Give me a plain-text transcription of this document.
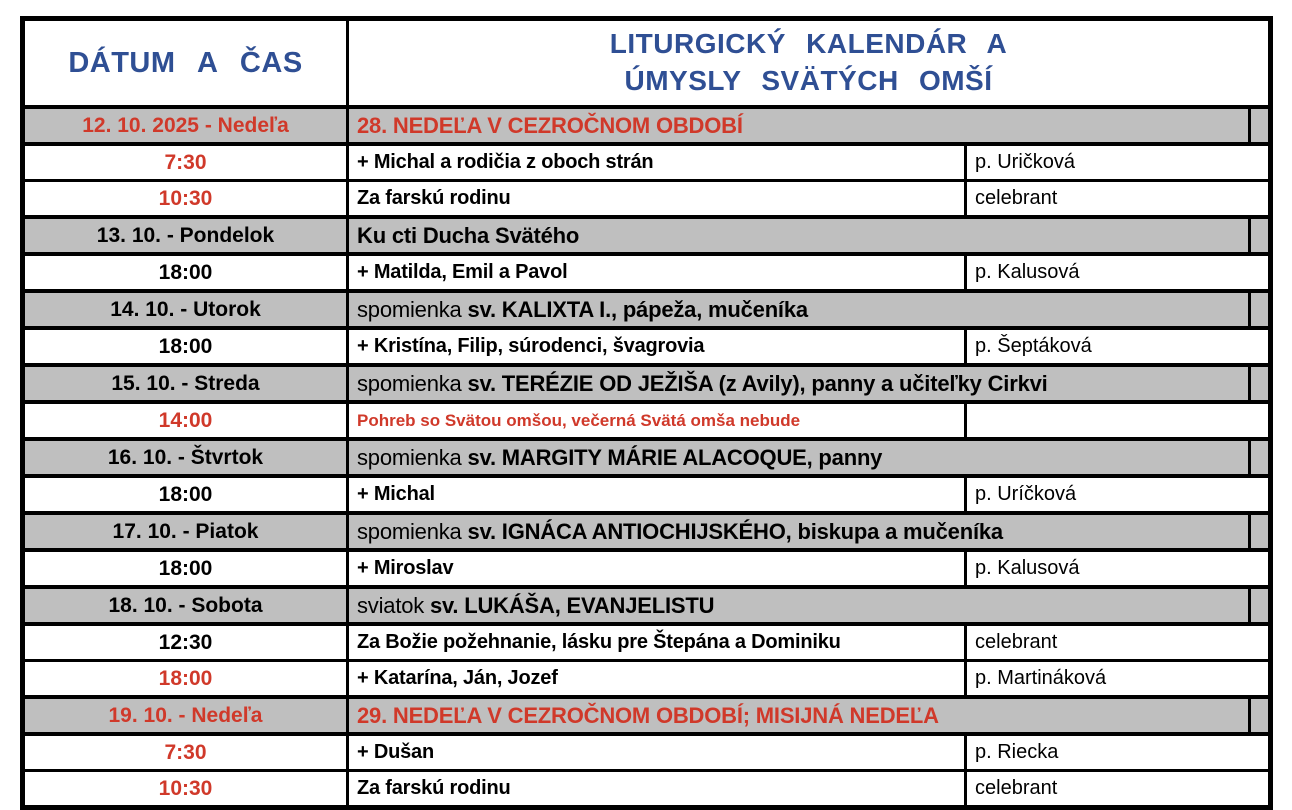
DÁTUM A ČAS	LITURGICKÝ KALENDÁR A
ÚMYSLY SVÄTÝCH OMŠÍ		

12. 10. 2025 - Nedeľa	28. NEDEĽA V CEZROČNOM OBDOBÍ		
7:30	+ Michal a rodičia z oboch strán	p. Uričková	
10:30	Za farskú rodinu	celebrant	
13. 10. - Pondelok	Ku cti Ducha Svätého		
18:00	+ Matilda, Emil a Pavol	p. Kalusová	
14. 10. - Utorok	spomienka sv. KALIXTA I., pápeža, mučeníka		
18:00	+ Kristína, Filip, súrodenci, švagrovia	p. Šeptáková	
15. 10. - Streda	spomienka sv. TERÉZIE OD JEŽIŠA (z Avily), panny a učiteľky Cirkvi		
14:00	Pohreb so Svätou omšou, večerná Svätá omša nebude		
16. 10. - Štvrtok	spomienka sv. MARGITY MÁRIE ALACOQUE, panny		
18:00	+ Michal	p. Uríčková	
17. 10. - Piatok	spomienka sv. IGNÁCA ANTIOCHIJSKÉHO, biskupa a mučeníka		
18:00	+ Miroslav	p. Kalusová	
18. 10. - Sobota	sviatok sv. LUKÁŠA, EVANJELISTU		
12:30	Za Božie požehnanie, lásku pre Štepána a Dominiku	celebrant	
18:00	+ Katarína, Ján, Jozef	p. Martináková	
19. 10. - Nedeľa	29. NEDEĽA V CEZROČNOM OBDOBÍ; MISIJNÁ NEDEĽA		
7:30	+ Dušan	p. Riecka	
10:30	Za farskú rodinu	celebrant	
